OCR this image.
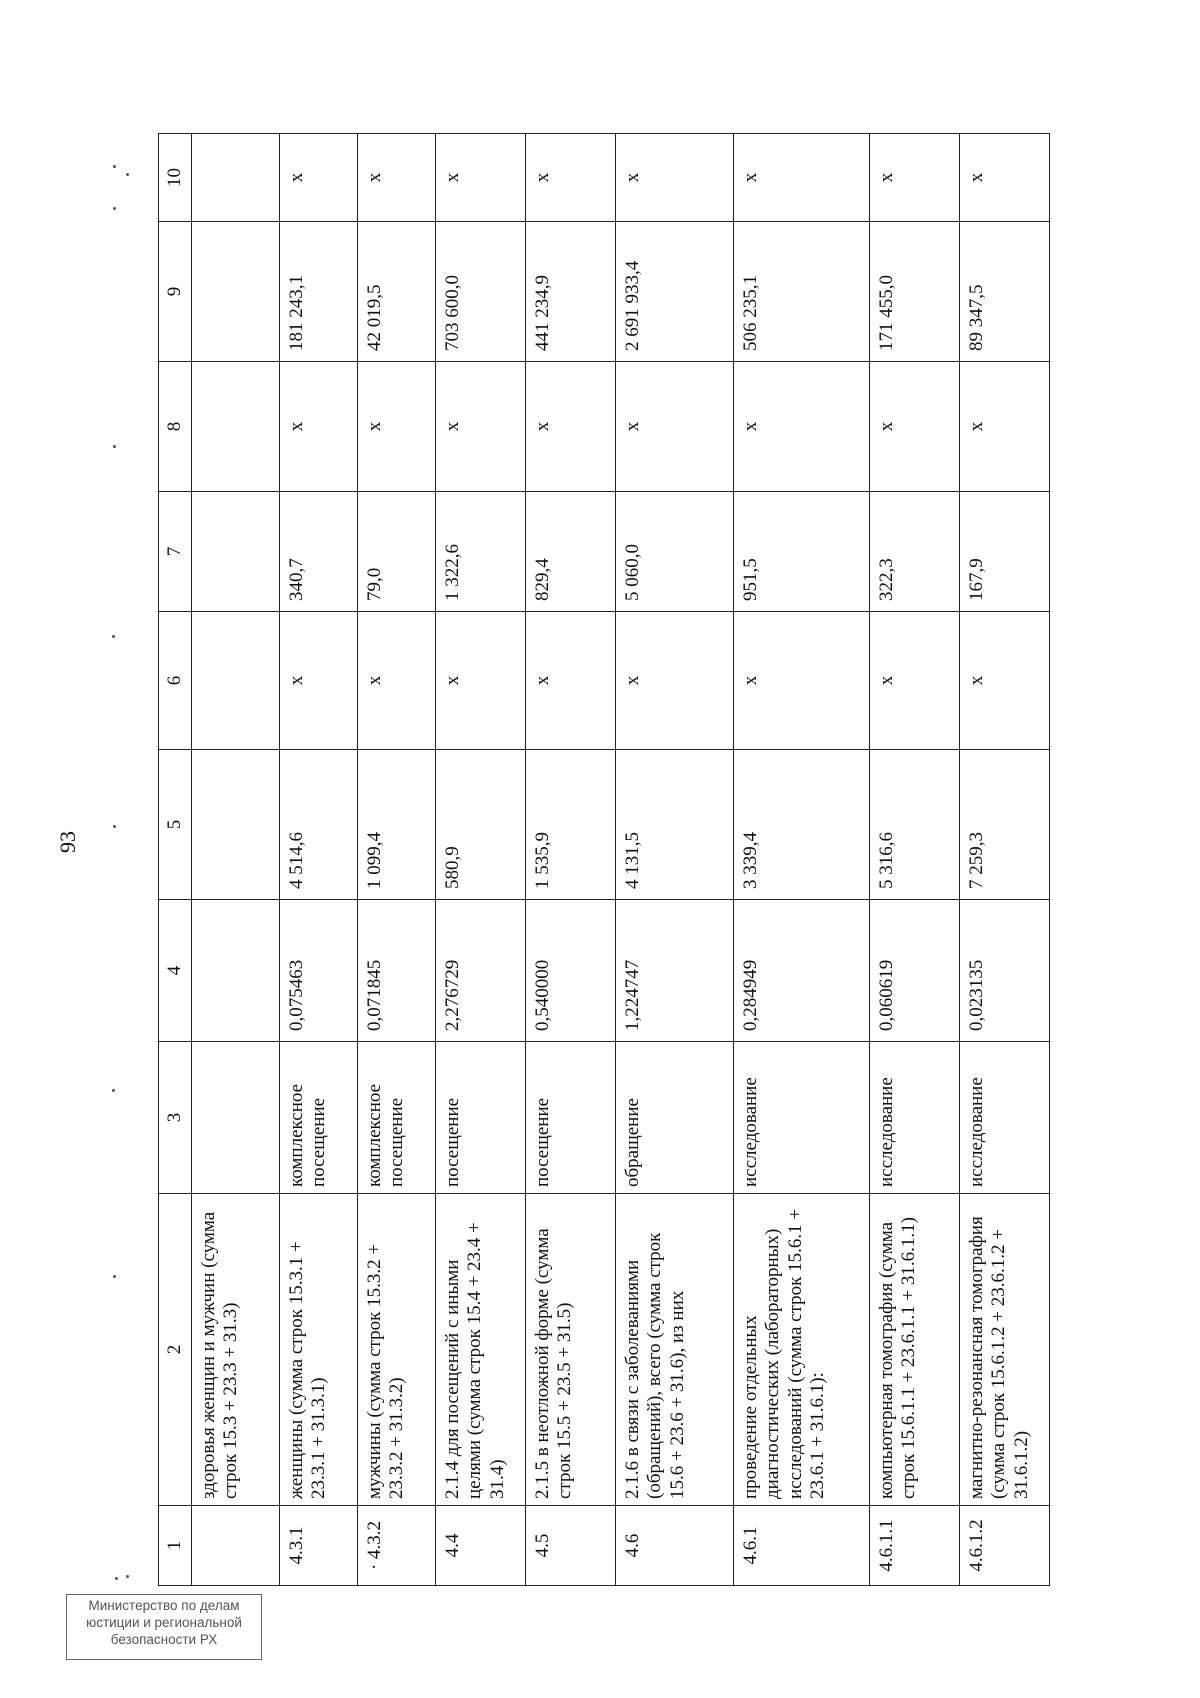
93
1	2	3	4	5	6	7	8	9	10
	здоровья женщин и мужчин (сумма строк 15.3 + 23.3 + 31.3)								
4.3.1	женщины (сумма строк 15.3.1 + 23.3.1 + 31.3.1)	комплексное посещение	0,075463	4 514,6	х	340,7	х	181 243,1	х
· 4.3.2	мужчины (сумма строк 15.3.2 + 23.3.2 + 31.3.2)	комплексное посещение	0,071845	1 099,4	х	79,0	х	42 019,5	х
4.4	2.1.4 для посещений с иными целями (сумма строк 15.4 + 23.4 + 31.4)	посещение	2,276729	580,9	х	1 322,6	х	703 600,0	х
4.5	2.1.5 в неотложной форме (сумма строк 15.5 + 23.5 + 31.5)	посещение	0,540000	1 535,9	х	829,4	х	441 234,9	х
4.6	2.1.6 в связи с заболеваниями (обращений), всего (сумма строк 15.6 + 23.6 + 31.6), из них	обращение	1,224747	4 131,5	х	5 060,0	х	2 691 933,4	х
4.6.1	проведение отдельных диагностических (лабораторных) исследований (сумма строк 15.6.1 + 23.6.1 + 31.6.1):	исследование	0,284949	3 339,4	х	951,5	х	506 235,1	х
4.6.1.1	компьютерная томография (сумма строк 15.6.1.1 + 23.6.1.1 + 31.6.1.1)	исследование	0,060619	5 316,6	х	322,3	х	171 455,0	х
4.6.1.2	магнитно-резонансная томография (сумма строк 15.6.1.2 + 23.6.1.2 + 31.6.1.2)	исследование	0,023135	7 259,3	х	167,9	х	89 347,5	х
Министерство по делам
юстиции и региональной
безопасности РХ
